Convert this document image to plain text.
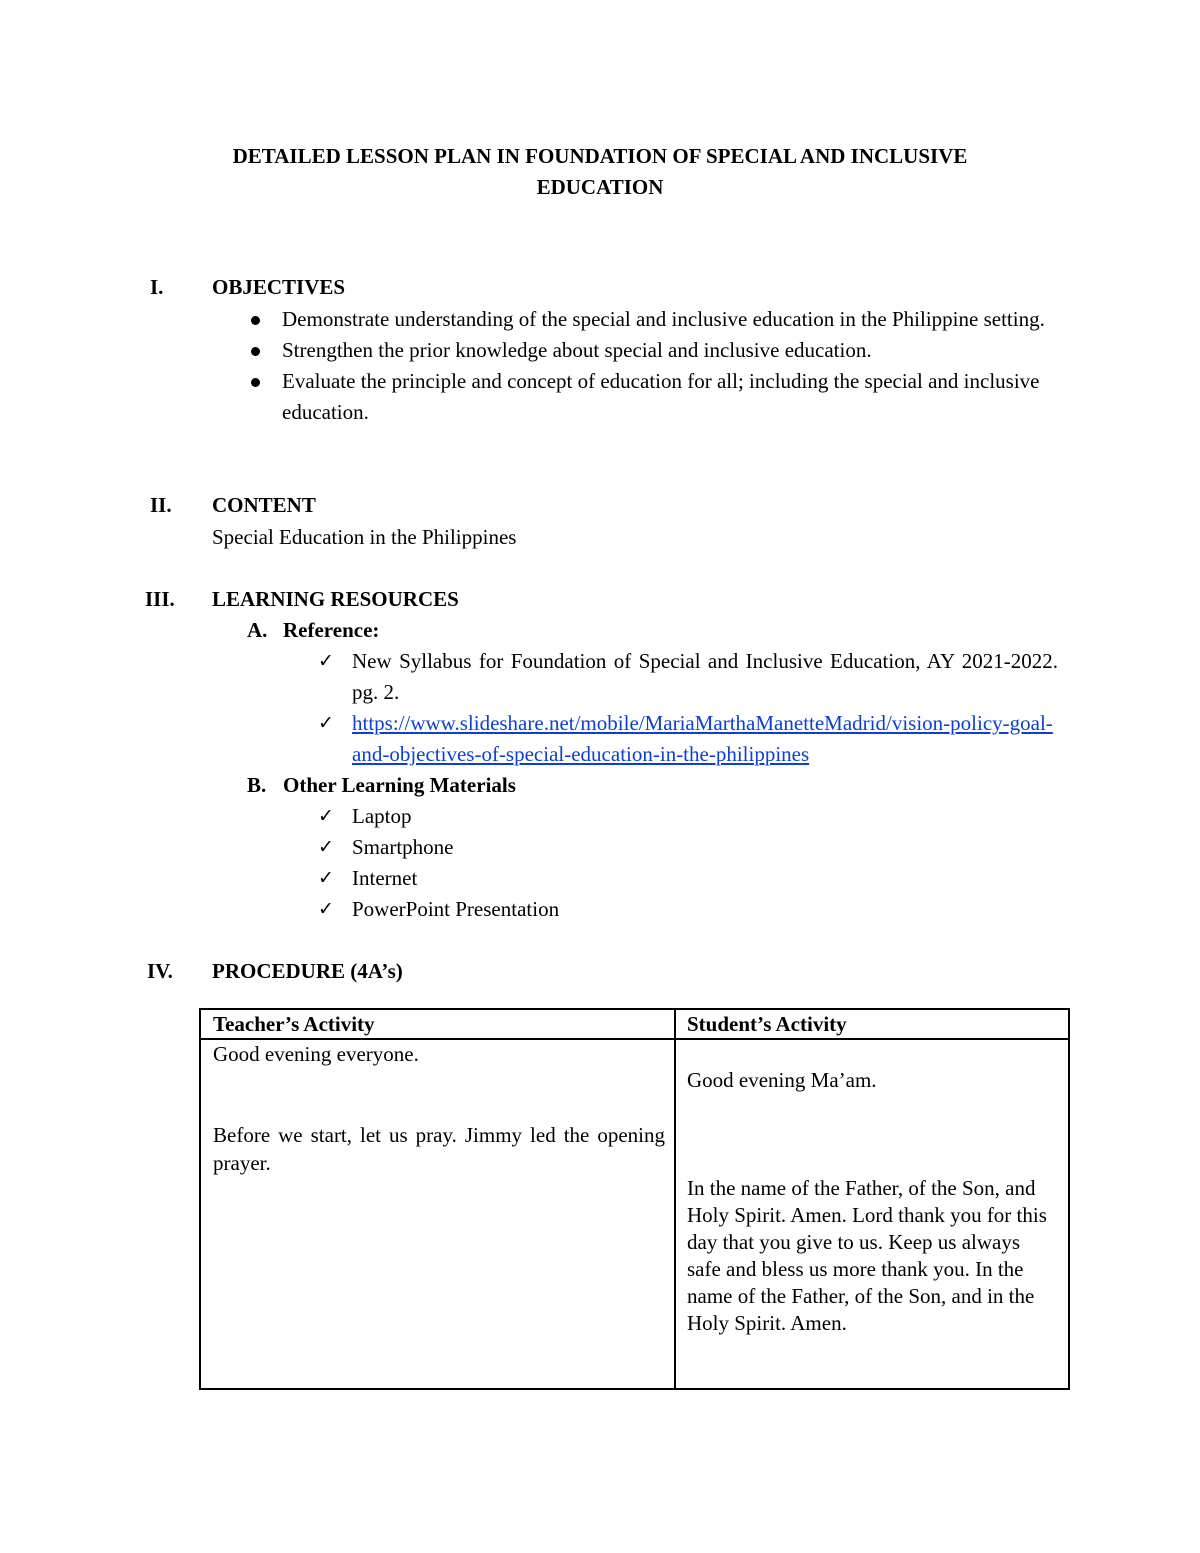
DETAILED LESSON PLAN IN FOUNDATION OF SPECIAL AND INCLUSIVE
EDUCATION
I. OBJECTIVES
Demonstrate understanding of the special and inclusive education in the Philippine setting.
Strengthen the prior knowledge about special and inclusive education.
Evaluate the principle and concept of education for all; including the special and inclusive education.
II. CONTENT
Special Education in the Philippines
III. LEARNING RESOURCES
A. Reference:
✓ New Syllabus for Foundation of Special and Inclusive Education, AY 2021-2022. pg. 2.
✓ https://www.slideshare.net/mobile/MariaMarthaManetteMadrid/vision-policy-goal-and-objectives-of-special-education-in-the-philippines
B. Other Learning Materials
✓ Laptop
✓ Smartphone
✓ Internet
✓ PowerPoint Presentation
IV. PROCEDURE (4A’s)
Teacher’s Activity	Student’s Activity
Good evening everyone.
Before we start, let us pray. Jimmy led the opening prayer.
Good evening Ma’am.
In the name of the Father, of the Son, and Holy Spirit. Amen. Lord thank you for this day that you give to us. Keep us always safe and bless us more thank you. In the name of the Father, of the Son, and in the Holy Spirit. Amen.
